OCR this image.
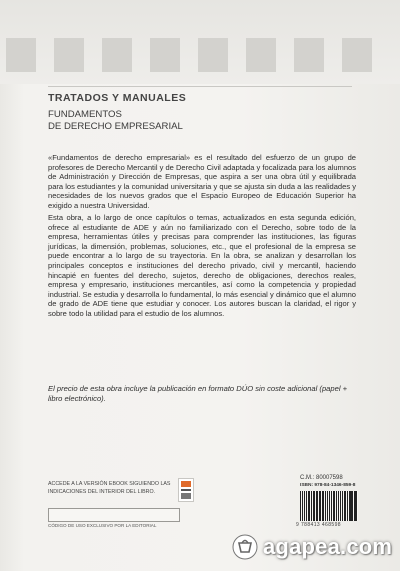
TRATADOS Y MANUALES
FUNDAMENTOS
DE DERECHO EMPRESARIAL

«Fundamentos de derecho empresarial» es el resultado del esfuerzo de un grupo de profesores de Derecho Mercantil y de Derecho Civil adaptada y focalizada para los alumnos de Administración y Dirección de Empresas, que aspira a ser una obra útil y equilibrada para los estudiantes y la comunidad universitaria y que se ajusta sin duda a las realidades y necesidades de los nuevos grados que el Espacio Europeo de Educación Superior ha exigido a nuestra Universidad.

Esta obra, a lo largo de once capítulos o temas, actualizados en esta segunda edición, ofrece al estudiante de ADE y aún no familiarizado con el Derecho, sobre todo de la empresa, herramientas útiles y precisas para comprender las instituciones, las figuras jurídicas, la dimensión, problemas, soluciones, etc., que el profesional de la empresa se puede encontrar a lo largo de su trayectoria. En la obra, se analizan y desarrollan los principales conceptos e instituciones del derecho privado, civil y mercantil, haciendo hincapié en fuentes del derecho, sujetos, derecho de obligaciones, derechos reales, empresa y empresario, instituciones mercantiles, así como la competencia y propiedad industrial. Se estudia y desarrolla lo fundamental, lo más esencial y dinámico que el alumno de grado de ADE tiene que estudiar y conocer. Los autores buscan la claridad, el rigor y sobre todo la utilidad para el estudio de los alumnos.

El precio de esta obra incluye la publicación en formato DÚO sin coste adicional (papel + libro electrónico).
ACCEDE A LA VERSIÓN EBOOK SIGUIENDO LAS INDICACIONES DEL INTERIOR DEL LIBRO.
CÓDIGO DE USO EXCLUSIVO POR LA EDITORIAL
C.M.: 80007598
ISBN: 978-84-1346-859-8
9 788413 468598
agapea.com
